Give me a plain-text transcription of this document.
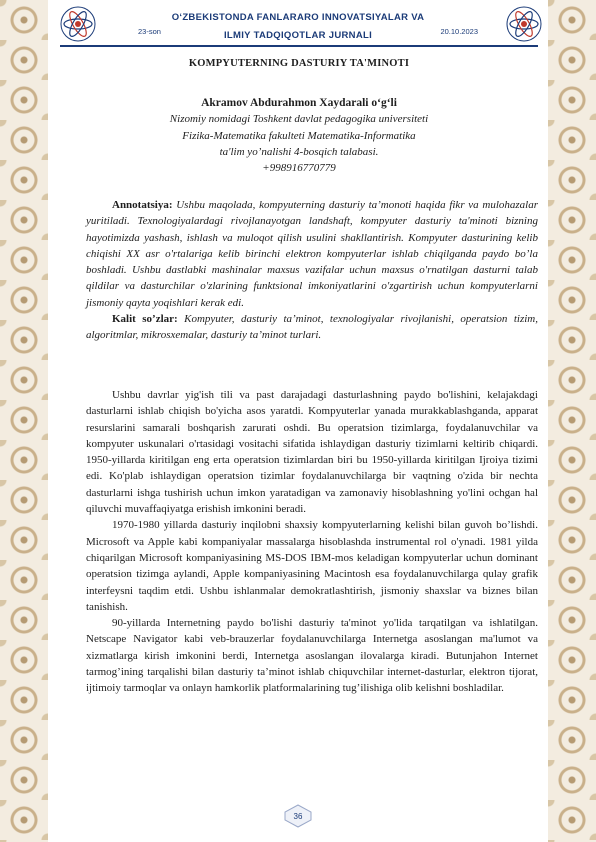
O‘ZBEKISTONDA FANLARARO INNOVATSIYALAR VA
23-son	ILMIY TADQIQOTLAR JURNALI	20.10.2023
KOMPYUTERNING DASTURIY TA'MINOTI
Akramov Abdurahmon Xaydarali o‘g‘li
Nizomiy nomidagi Toshkent davlat pedagogika universiteti
Fizika-Matematika fakulteti Matematika-Informatika
ta'lim yo’nalishi 4-bosqich talabasi.
+998916770779

Annotatsiya: Ushbu maqolada, kompyuterning dasturiy ta’monoti haqida fikr va mulohazalar yuritiladi. Texnologiyalardagi rivojlanayotgan landshaft, kompyuter dasturiy ta'minoti bizning hayotimizda yashash, ishlash va muloqot qilish usulini shakllantirish. Kompyuter dasturining kelib chiqishi XX asr o'rtalariga kelib birinchi elektron kompyuterlar ishlab chiqilganda paydo bo’la boshladi. Ushbu dastlabki mashinalar maxsus vazifalar uchun maxsus o'rnatilgan dasturni talab qildilar va dasturchilar o'zlarining funktsional imkoniyatlarini o'zgartirish uchun kompyuterlarni jismoniy qayta yoqishlari kerak edi.

Kalit so’zlar: Kompyuter, dasturiy ta’minot, texnologiyalar rivojlanishi, operatsion tizim, algoritmlar, mikrosxemalar, dasturiy ta’minot turlari.

Ushbu davrlar yig'ish tili va past darajadagi dasturlashning paydo bo'lishini, kelajakdagi dasturlarni ishlab chiqish bo'yicha asos yaratdi. Kompyuterlar yanada murakkablashganda, apparat resurslarini samarali boshqarish zarurati oshdi. Bu operatsion tizimlarga, foydalanuvchilar va kompyuter uskunalari o'rtasidagi vositachi sifatida ishlaydigan dasturiy tizimlarni keltirib chiqardi. 1950-yillarda kiritilgan eng erta operatsion tizimlardan biri bu 1950-yillarda kiritilgan Ijroiya tizimi edi. Ko'plab ishlaydigan operatsion tizimlar foydalanuvchilarga bir vaqtning o'zida bir nechta dasturlarni ishga tushirish uchun imkon yaratadigan va zamonaviy hisoblashning yo'lini ochgan hal qiluvchi muvaffaqiyatga erishish imkonini beradi.

1970-1980 yillarda dasturiy inqilobni shaxsiy kompyuterlarning kelishi bilan guvoh bo’lishdi. Microsoft va Apple kabi kompaniyalar massalarga hisoblashda instrumental rol o'ynadi. 1981 yilda chiqarilgan Microsoft kompaniyasining MS-DOS IBM-mos keladigan kompyuterlar uchun dominant operatsion tizimga aylandi, Apple kompaniyasining Macintosh esa foydalanuvchilarga qulay grafik interfeysni taqdim etdi. Ushbu ishlanmalar demokratlashtirish, jismoniy shaxslar va biznes bilan tanishish.

90-yillarda Internetning paydo bo'lishi dasturiy ta'minot yo'lida tarqatilgan va ishlatilgan. Netscape Navigator kabi veb-brauzerlar foydalanuvchilarga Internetga asoslangan ma'lumot va xizmatlarga kirish imkonini berdi, Internetga asoslangan ilovalarga kiradi. Butunjahon Internet tarmog’ining tarqalishi bilan dasturiy ta’minot ishlab chiquvchilar internet-dasturlar, elektron tijorat, ijtimoiy tarmoqlar va onlayn hamkorlik platformalarining tug’ilishiga olib kelishni boshladilar.

36
